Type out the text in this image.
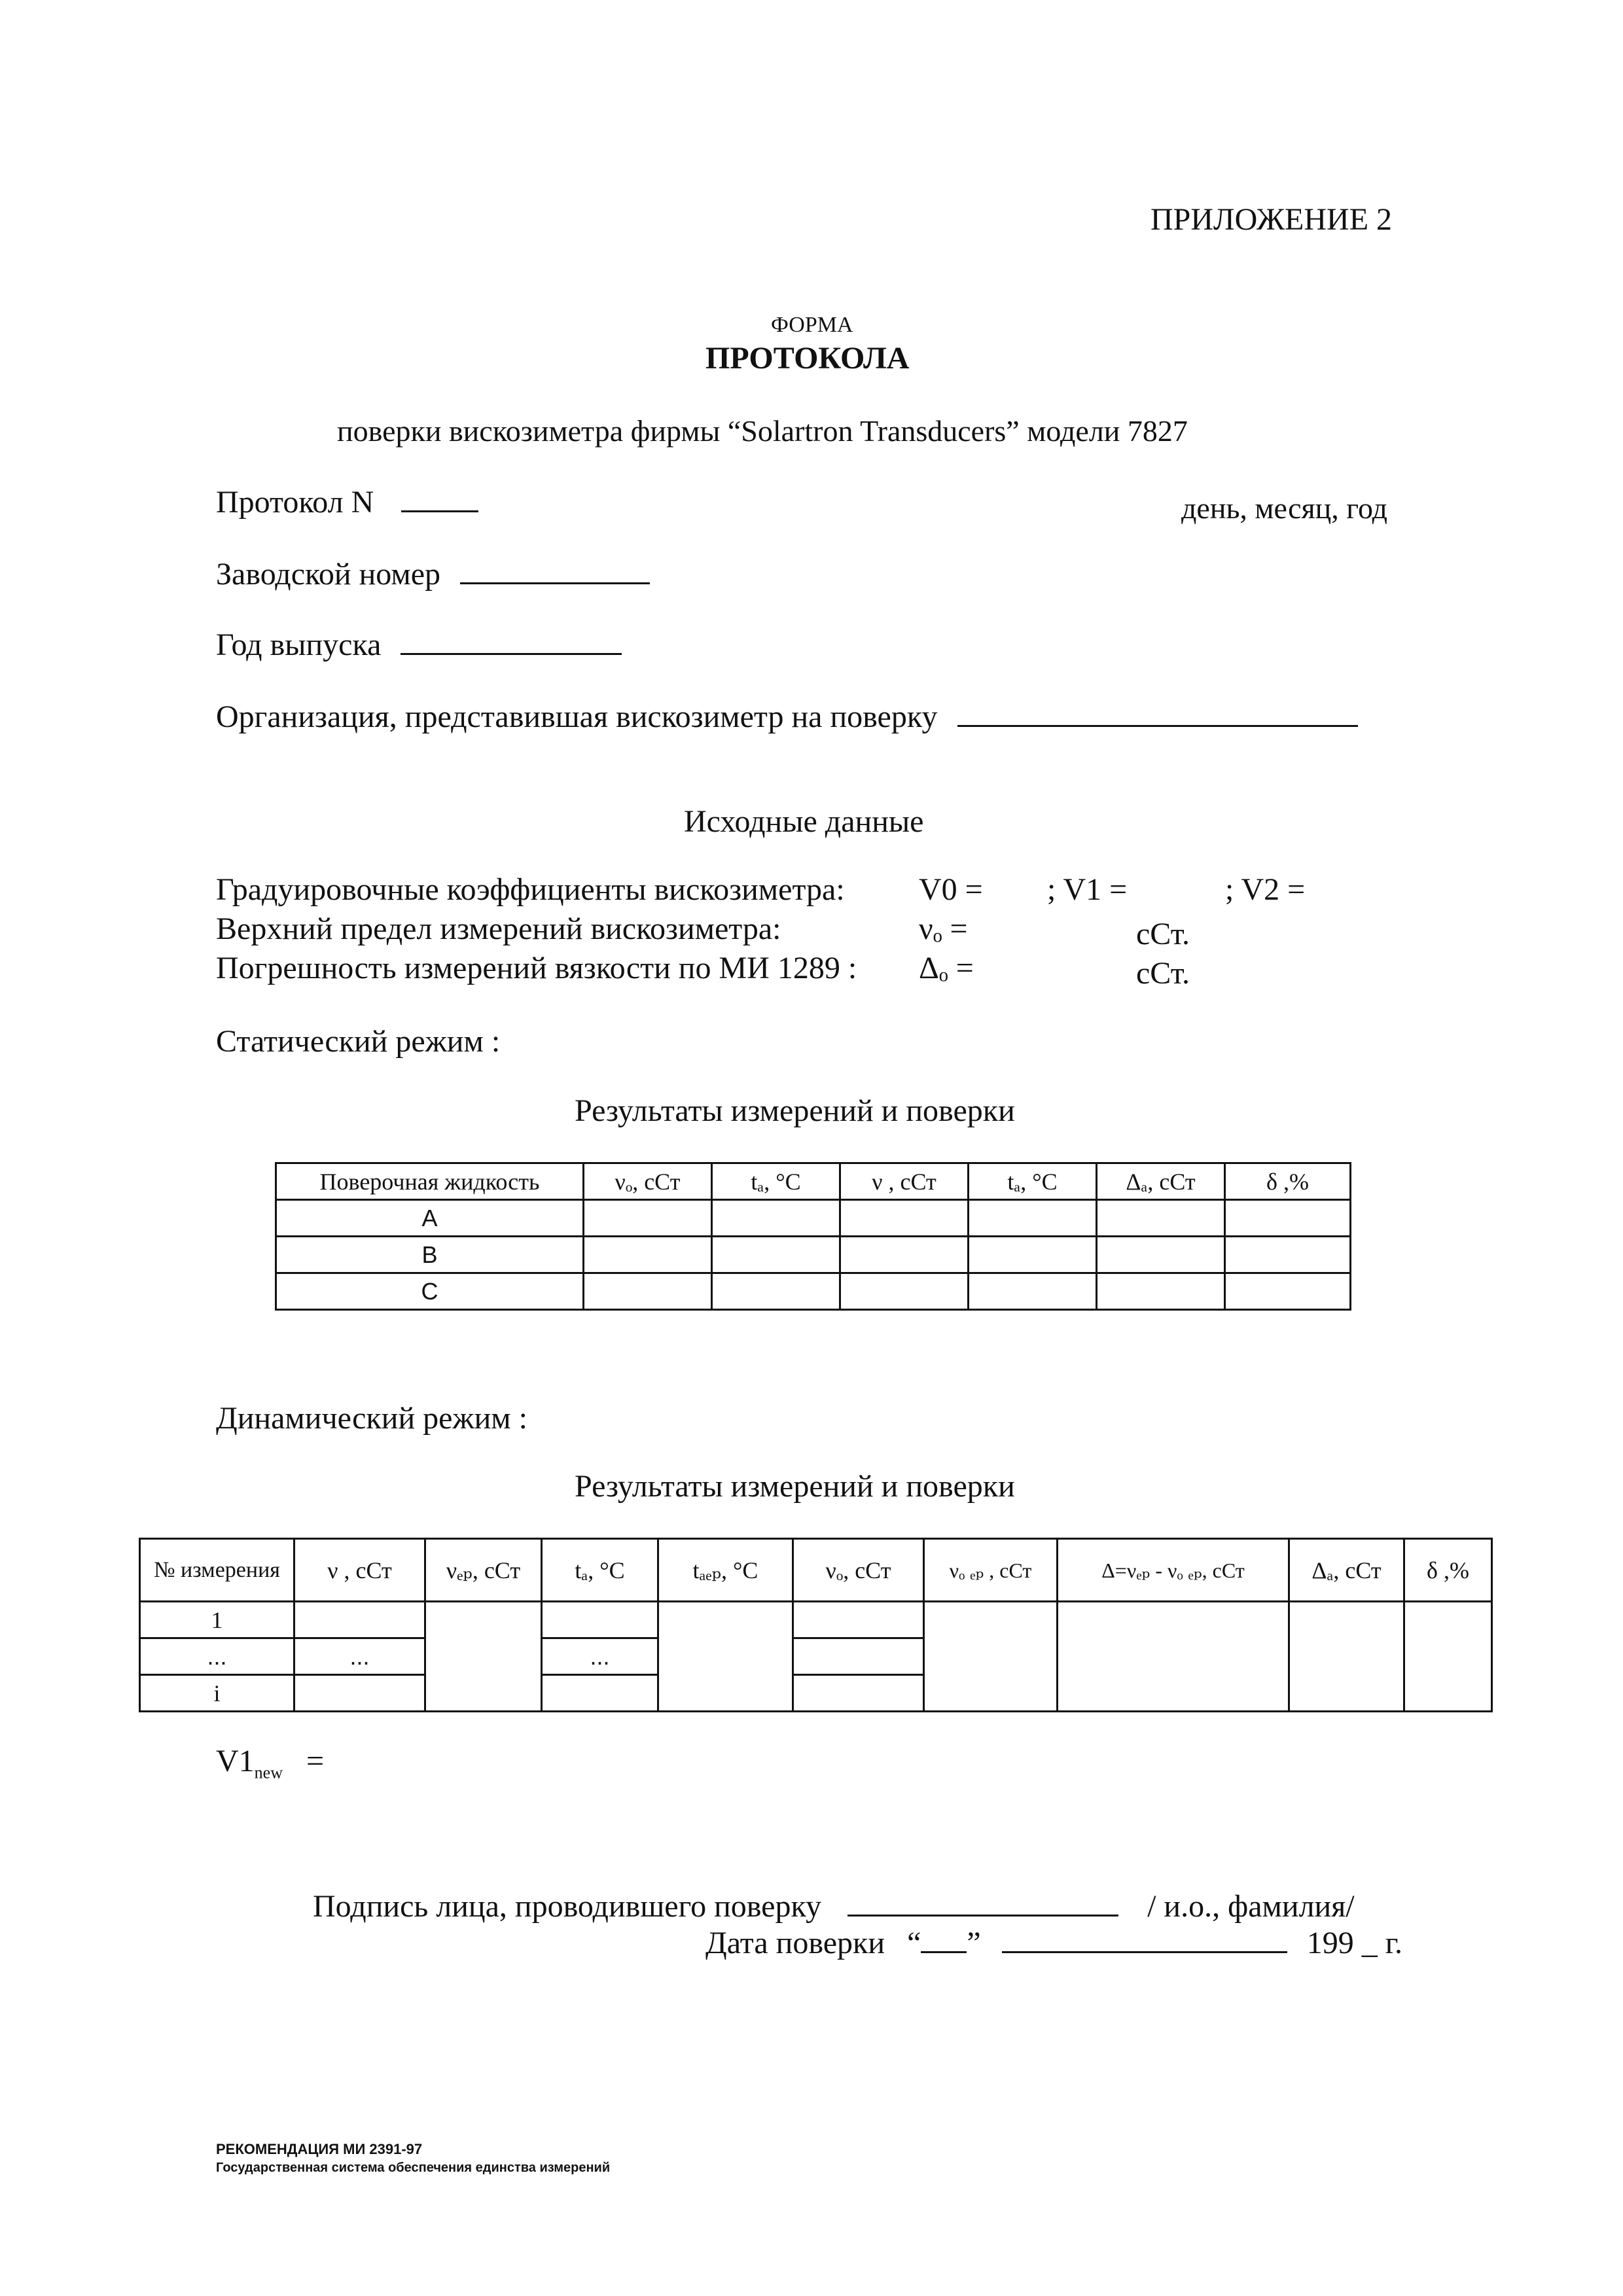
ПРИЛОЖЕНИЕ 2
ФОРМА
ПРОТОКОЛА
поверки вискозиметра фирмы “Solartron Transducers” модели 7827
Протокол N	день, месяц, год
Заводской номер
Год выпуска
Организация, представившая вискозиметр на поверку
Исходные данные
Градуировочные коэффициенты вискозиметра: V0 = ; V1 =	; V2 =
Верхний предел измерений вискозиметра:	νₒ =	сСт.
Погрешность измерений вязкости по МИ 1289 : Δₒ =	сСт.
Статический режим :
Результаты измерений и поверки
Поверочная жидкость	νₒ, сСт	tₐ, °С	ν , сСт	tₐ, °С	Δₐ, сСт	δ ,%
А						
В						
С						
Динамический режим :
Результаты измерений и поверки
№ измерения	ν , сСт	νₑₚ, сСт	tₐ, °С	tₐₑₚ, °С	νₒ, сСт	νₒ ₑₚ , сСт	Δ=νₑₚ - νₒ ₑₚ, сСт	Δₐ, сСт	δ ,%
1									
...	...		...						
i									
$V1_{new}$ =
Подпись лица, проводившего поверку	/ и.о., фамилия/
Дата поверки “ ”	199 _ г.
РЕКОМЕНДАЦИЯ МИ 2391-97
Государственная система обеспечения единства измерений
